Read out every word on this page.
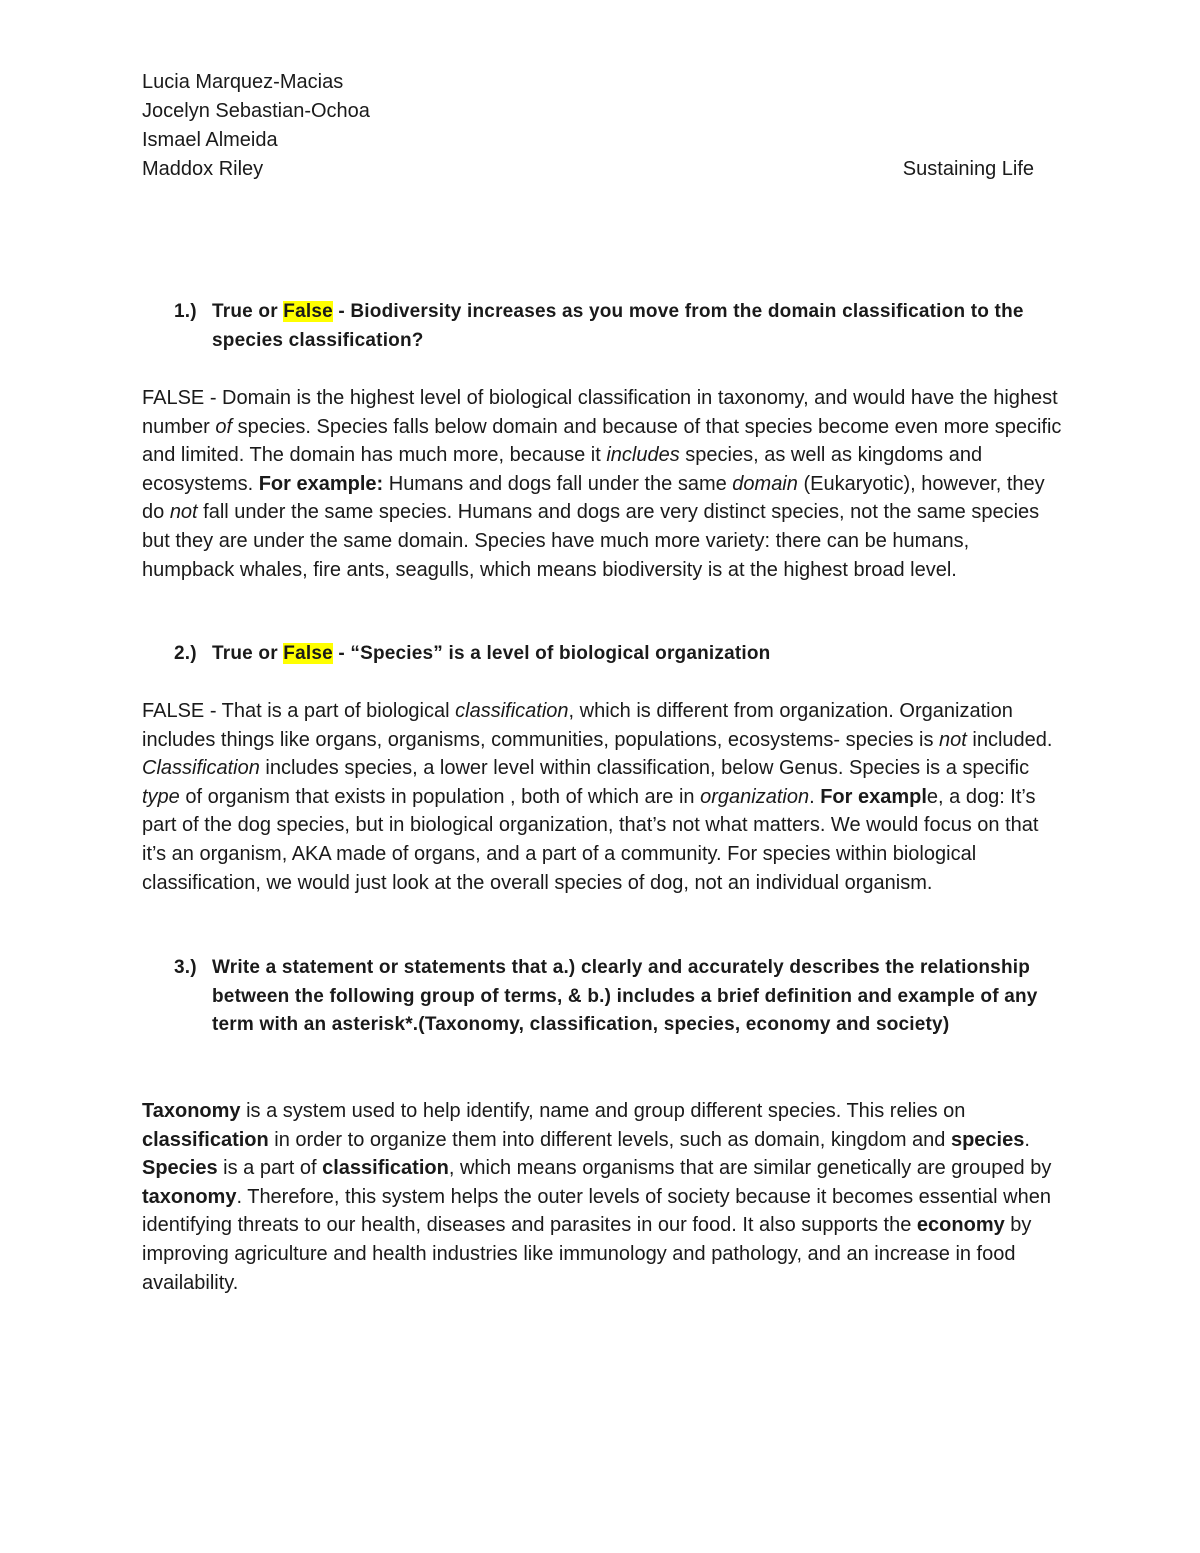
Lucia Marquez-Macias
Jocelyn Sebastian-Ochoa
Ismael Almeida
Maddox Riley	Sustaining Life
1.) True or False - Biodiversity increases as you move from the domain classification to the species classification?

FALSE - Domain is the highest level of biological classification in taxonomy, and would have the highest number of species. Species falls below domain and because of that species become even more specific and limited. The domain has much more, because it includes species, as well as kingdoms and ecosystems. For example: Humans and dogs fall under the same domain (Eukaryotic), however, they do not fall under the same species. Humans and dogs are very distinct species, not the same species but they are under the same domain. Species have much more variety: there can be humans, humpback whales, fire ants, seagulls, which means biodiversity is at the highest broad level.

2.) True or False - “Species” is a level of biological organization

FALSE - That is a part of biological classification, which is different from organization. Organization includes things like organs, organisms, communities, populations, ecosystems- species is not included. Classification includes species, a lower level within classification, below Genus. Species is a specific type of organism that exists in population , both of which are in organization. For example, a dog: It’s part of the dog species, but in biological organization, that’s not what matters. We would focus on that it’s an organism, AKA made of organs, and a part of a community. For species within biological classification, we would just look at the overall species of dog, not an individual organism.

3.) Write a statement or statements that a.) clearly and accurately describes the relationship between the following group of terms, & b.) includes a brief definition and example of any term with an asterisk*.(Taxonomy, classification, species, economy and society)

Taxonomy is a system used to help identify, name and group different species. This relies on classification in order to organize them into different levels, such as domain, kingdom and species. Species is a part of classification, which means organisms that are similar genetically are grouped by taxonomy. Therefore, this system helps the outer levels of society because it becomes essential when identifying threats to our health, diseases and parasites in our food. It also supports the economy by improving agriculture and health industries like immunology and pathology, and an increase in food availability.
